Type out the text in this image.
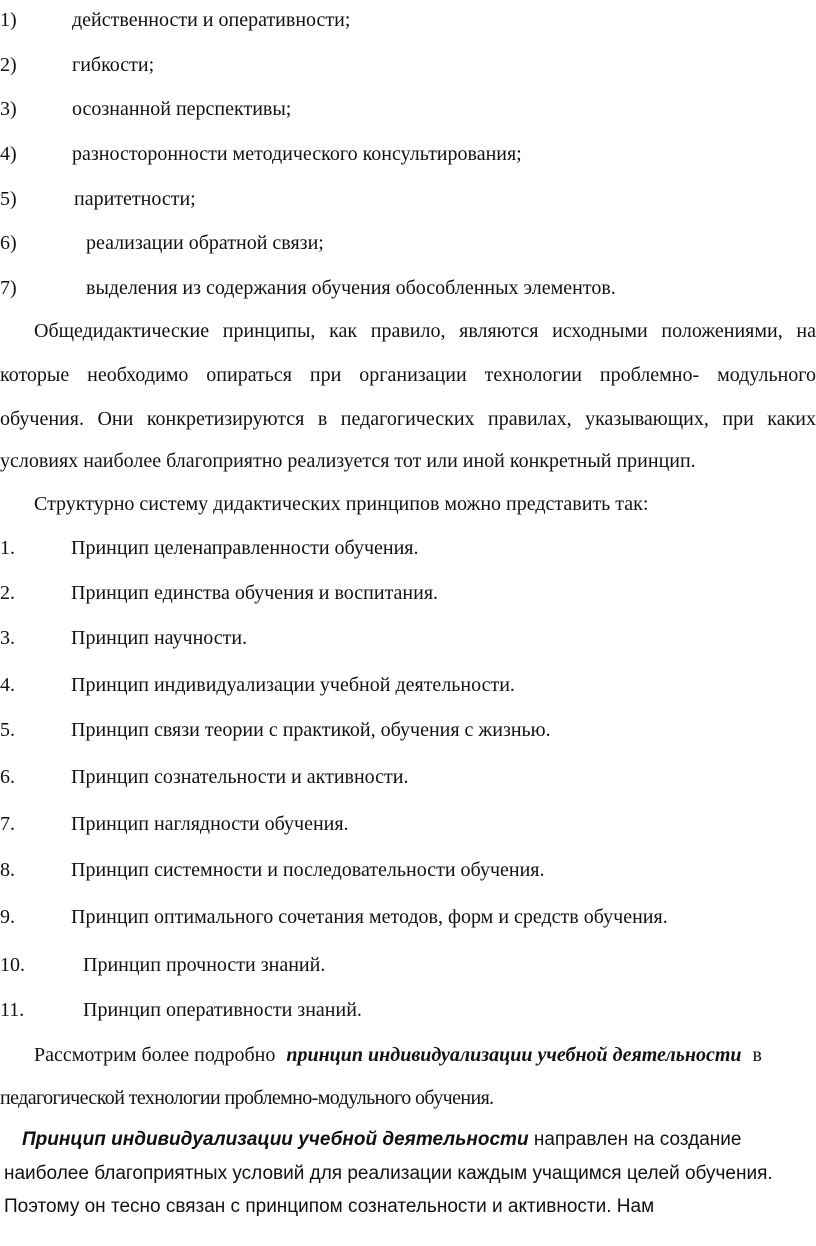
1)	действенности и оперативности;
2)	гибкости;
3)	осознанной перспективы;
4)	разносторонности методического консультирования;
5)	паритетности;
6)	реализации обратной связи;
7)	выделения из содержания обучения обособленных элементов.
Общедидактические принципы, как правило, являются исходными положениями, на
которые необходимо опираться при организации технологии проблемно- модульного
обучения. Они конкретизируются в педагогических правилах, указывающих, при каких
условиях наиболее благоприятно реализуется тот или иной конкретный принцип.
Структурно систему дидактических принципов можно представить так:
1.	Принцип целенаправленности обучения.
2.	Принцип единства обучения и воспитания.
3.	Принцип научности.
4.	Принцип индивидуализации учебной деятельности.
5.	Принцип связи теории с практикой, обучения с жизнью.
6.	Принцип сознательности и активности.
7.	Принцип наглядности обучения.
8.	Принцип системности и последовательности обучения.
9.	Принцип оптимального сочетания методов, форм и средств обучения.
10.	Принцип прочности знаний.
11.	Принцип оперативности знаний.
Рассмотрим более подробно принцип индивидуализации учебной деятельности в
педагогической технологии проблемно-модульного обучения.
Принцип индивидуализации учебной деятельности направлен на создание
наиболее благоприятных условий для реализации каждым учащимся целей обучения.
Поэтому он тесно связан с принципом сознательности и активности. Нам
